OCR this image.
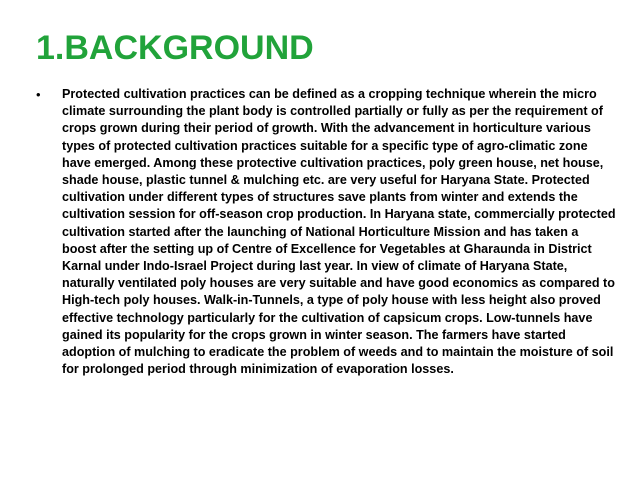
1.BACKGROUND
•	Protected cultivation practices can be defined as a cropping technique wherein the micro climate surrounding the plant body is controlled partially or fully as per the requirement of crops grown during their period of growth. With the advancement in horticulture various types of protected cultivation practices suitable for a specific type of agro-climatic zone have emerged. Among these protective cultivation practices, poly green house, net house, shade house, plastic tunnel & mulching etc. are very useful for Haryana State. Protected cultivation under different types of structures save plants from winter and extends the cultivation session for off-season crop production. In Haryana state, commercially protected cultivation started after the launching of National Horticulture Mission and has taken a boost after the setting up of Centre of Excellence for Vegetables at Gharaunda in District Karnal under Indo-Israel Project during last year. In view of climate of Haryana State, naturally ventilated poly houses are very suitable and have good economics as compared to High-tech poly houses. Walk-in-Tunnels, a type of poly house with less height also proved effective technology particularly for the cultivation of capsicum crops. Low-tunnels have gained its popularity for the crops grown in winter season. The farmers have started adoption of mulching to eradicate the problem of weeds and to maintain the moisture of soil for prolonged period through minimization of evaporation losses.
